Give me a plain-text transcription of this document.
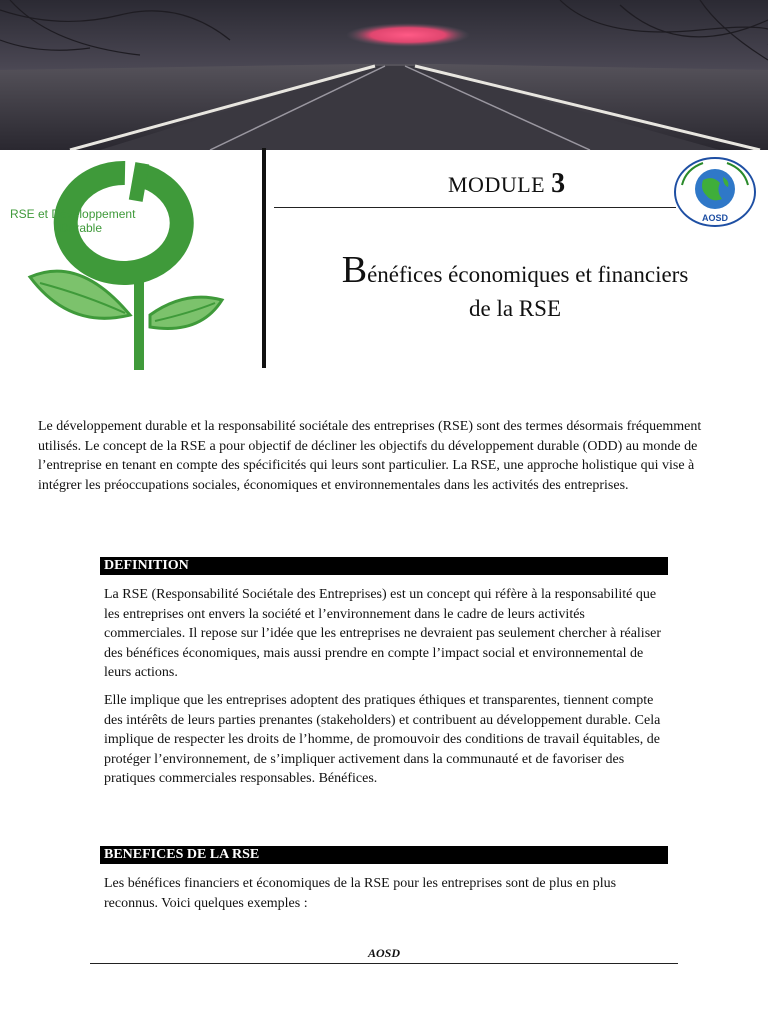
RSE et Développement
Durable
MODULE 3
AOSD
Bénéfices économiques et financiers
de la RSE

Le développement durable et la responsabilité sociétale des entreprises (RSE) sont des termes désormais fréquemment utilisés. Le concept de la RSE a pour objectif de décliner les objectifs du développement durable (ODD) au monde de l’entreprise en tenant en compte des spécificités qui leurs sont particulier. La RSE, une approche holistique qui vise à intégrer les préoccupations sociales, économiques et environnementales dans les activités des entreprises.

DEFINITION

La RSE (Responsabilité Sociétale des Entreprises) est un concept qui réfère à la responsabilité que les entreprises ont envers la société et l’environnement dans le cadre de leurs activités commerciales. Il repose sur l’idée que les entreprises ne devraient pas seulement chercher à réaliser des bénéfices économiques, mais aussi prendre en compte l’impact social et environnemental de leurs actions.

Elle implique que les entreprises adoptent des pratiques éthiques et transparentes, tiennent compte des intérêts de leurs parties prenantes (stakeholders) et contribuent au développement durable. Cela implique de respecter les droits de l’homme, de promouvoir des conditions de travail équitables, de protéger l’environnement, de s’impliquer activement dans la communauté et de favoriser des pratiques commerciales responsables. Bénéfices.

BENEFICES DE LA RSE

Les bénéfices financiers et économiques de la RSE pour les entreprises sont de plus en plus reconnus. Voici quelques exemples :

AOSD
